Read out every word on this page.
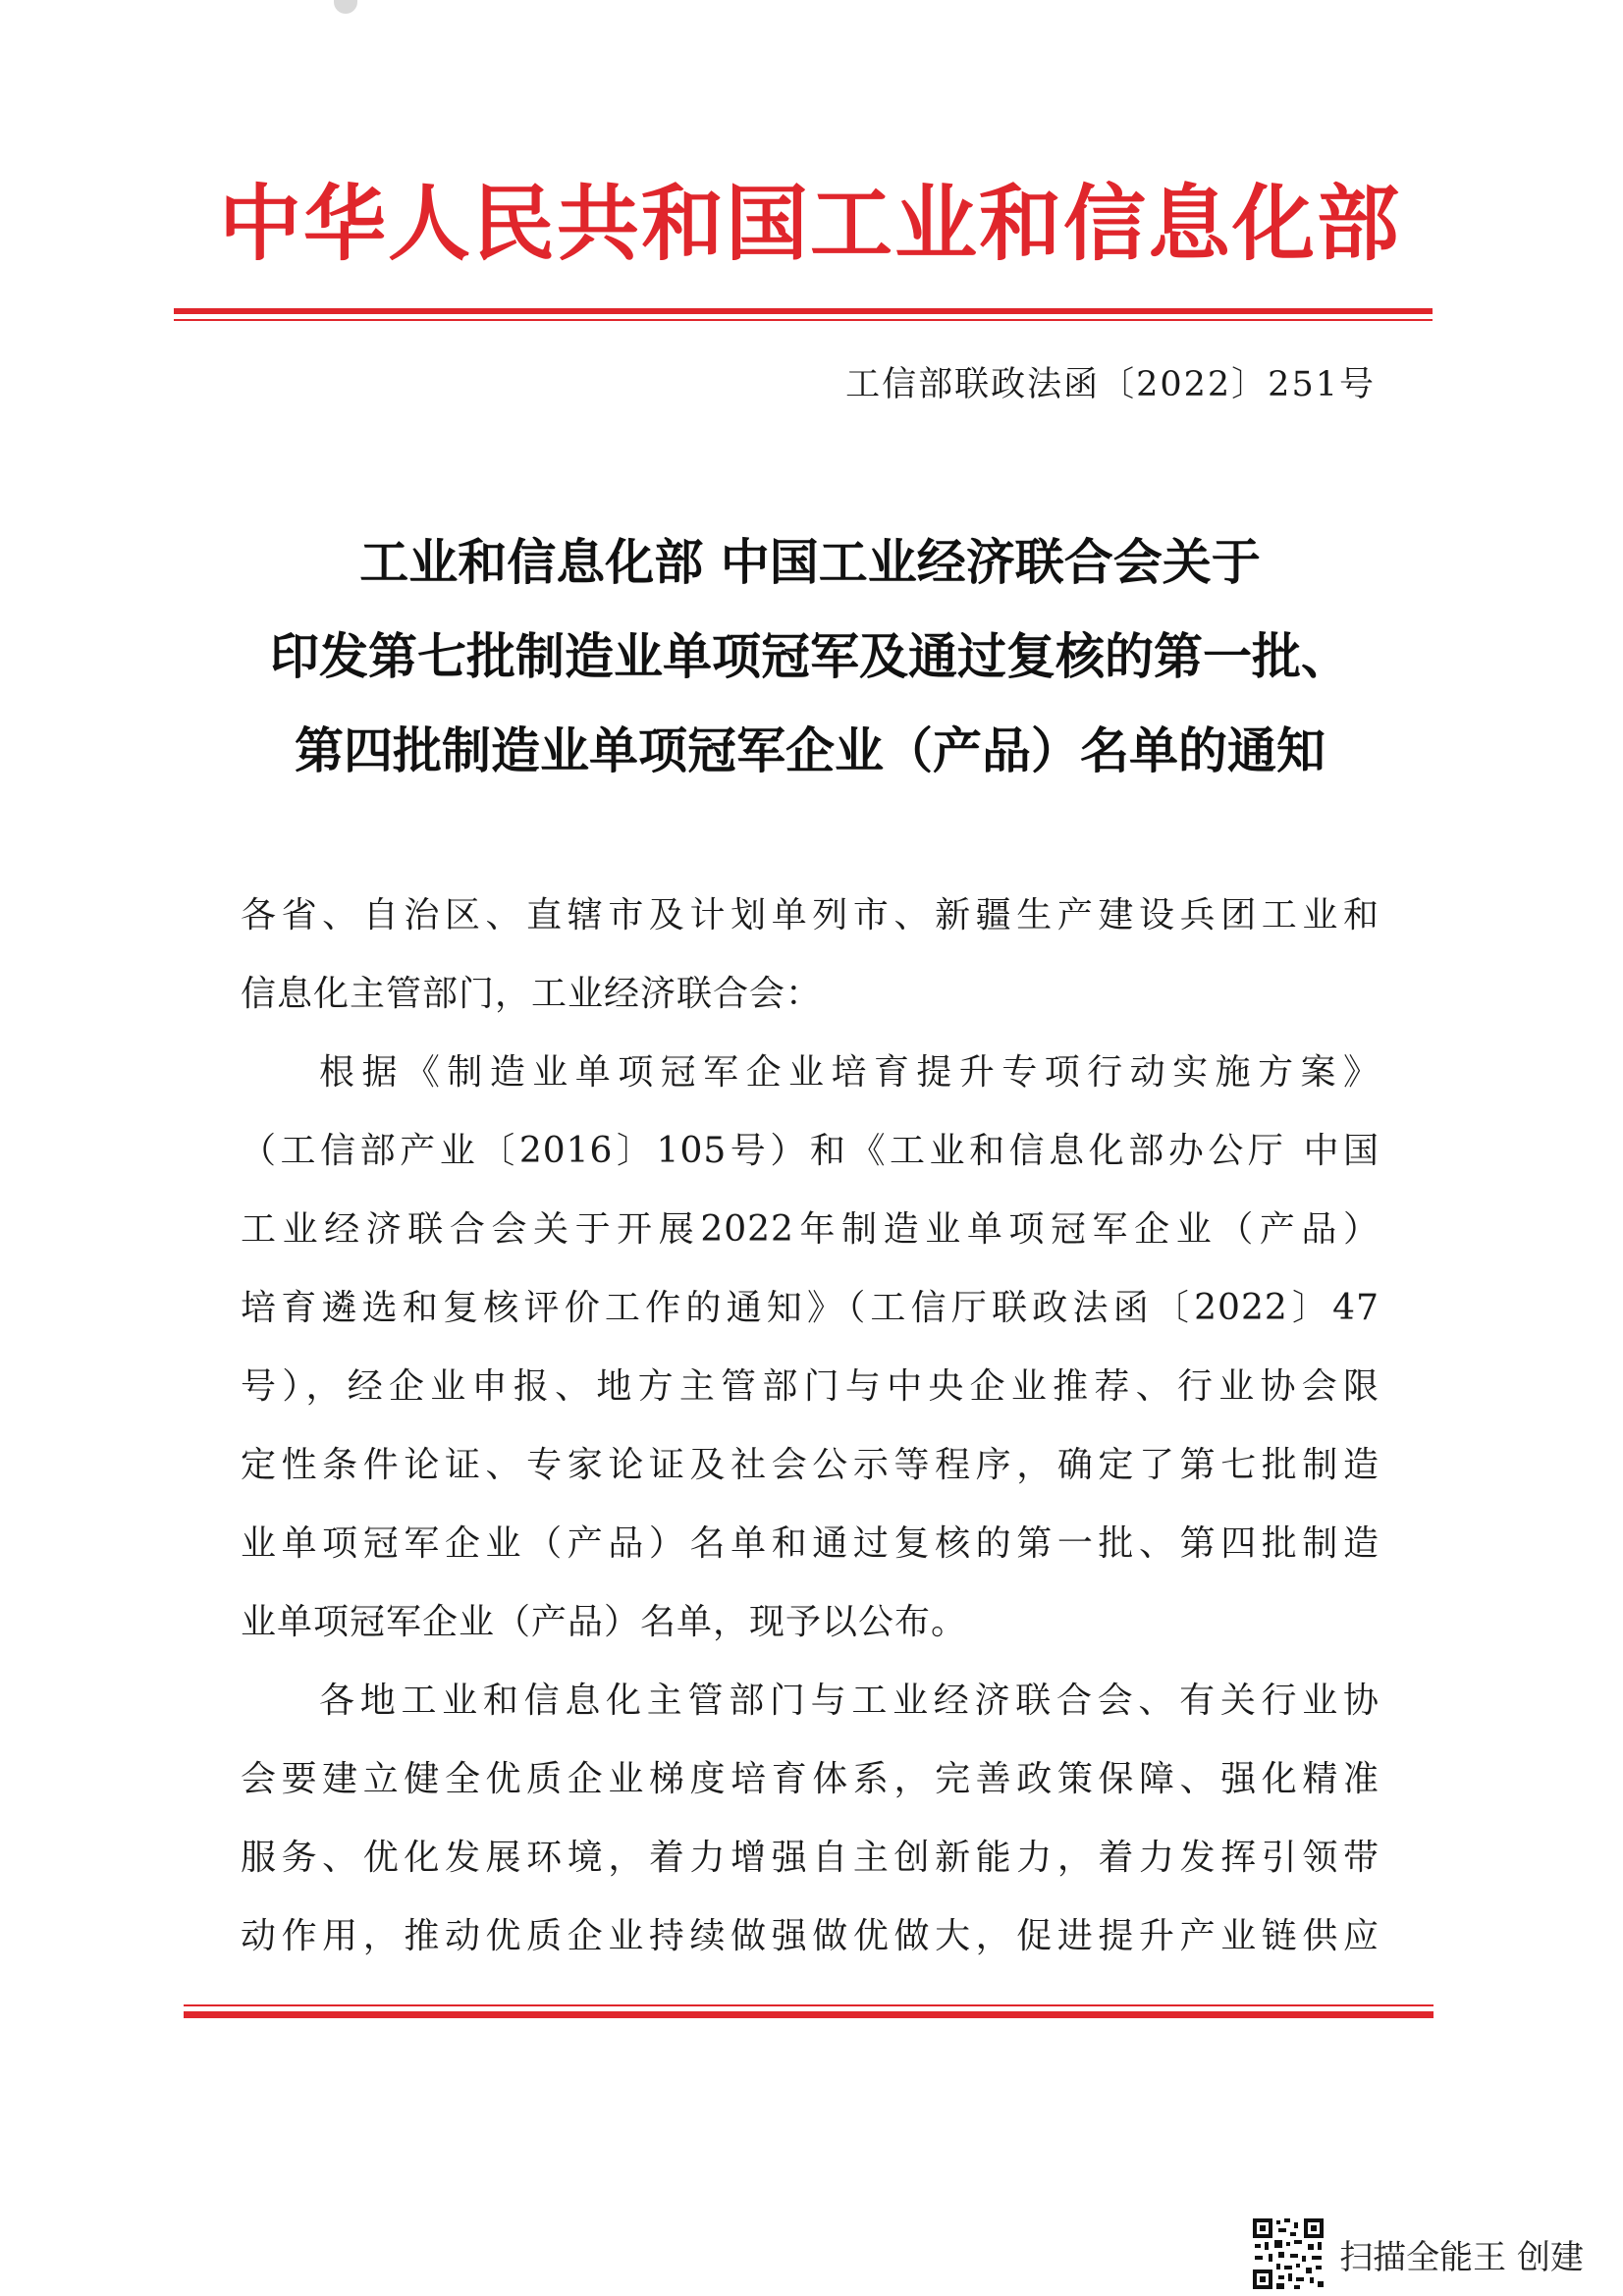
中华人民共和国工业和信息化部
工信部联政法函〔2022〕251号
工业和信息化部 中国工业经济联合会关于
印发第七批制造业单项冠军及通过复核的第一批、
第四批制造业单项冠军企业（产品）名单的通知
各省、自治区、直辖市及计划单列市、新疆生产建设兵团工业和
信息化主管部门，工业经济联合会：
根据《制造业单项冠军企业培育提升专项行动实施方案》
（工信部产业〔2016〕105号）和《工业和信息化部办公厅 中国
工业经济联合会关于开展2022年制造业单项冠军企业（产品）
培育遴选和复核评价工作的通知》（工信厅联政法函〔2022〕47
号），经企业申报、地方主管部门与中央企业推荐、行业协会限
定性条件论证、专家论证及社会公示等程序，确定了第七批制造
业单项冠军企业（产品）名单和通过复核的第一批、第四批制造
业单项冠军企业（产品）名单，现予以公布。
各地工业和信息化主管部门与工业经济联合会、有关行业协
会要建立健全优质企业梯度培育体系，完善政策保障、强化精准
服务、优化发展环境，着力增强自主创新能力，着力发挥引领带
动作用，推动优质企业持续做强做优做大，促进提升产业链供应
扫描全能王 创建
